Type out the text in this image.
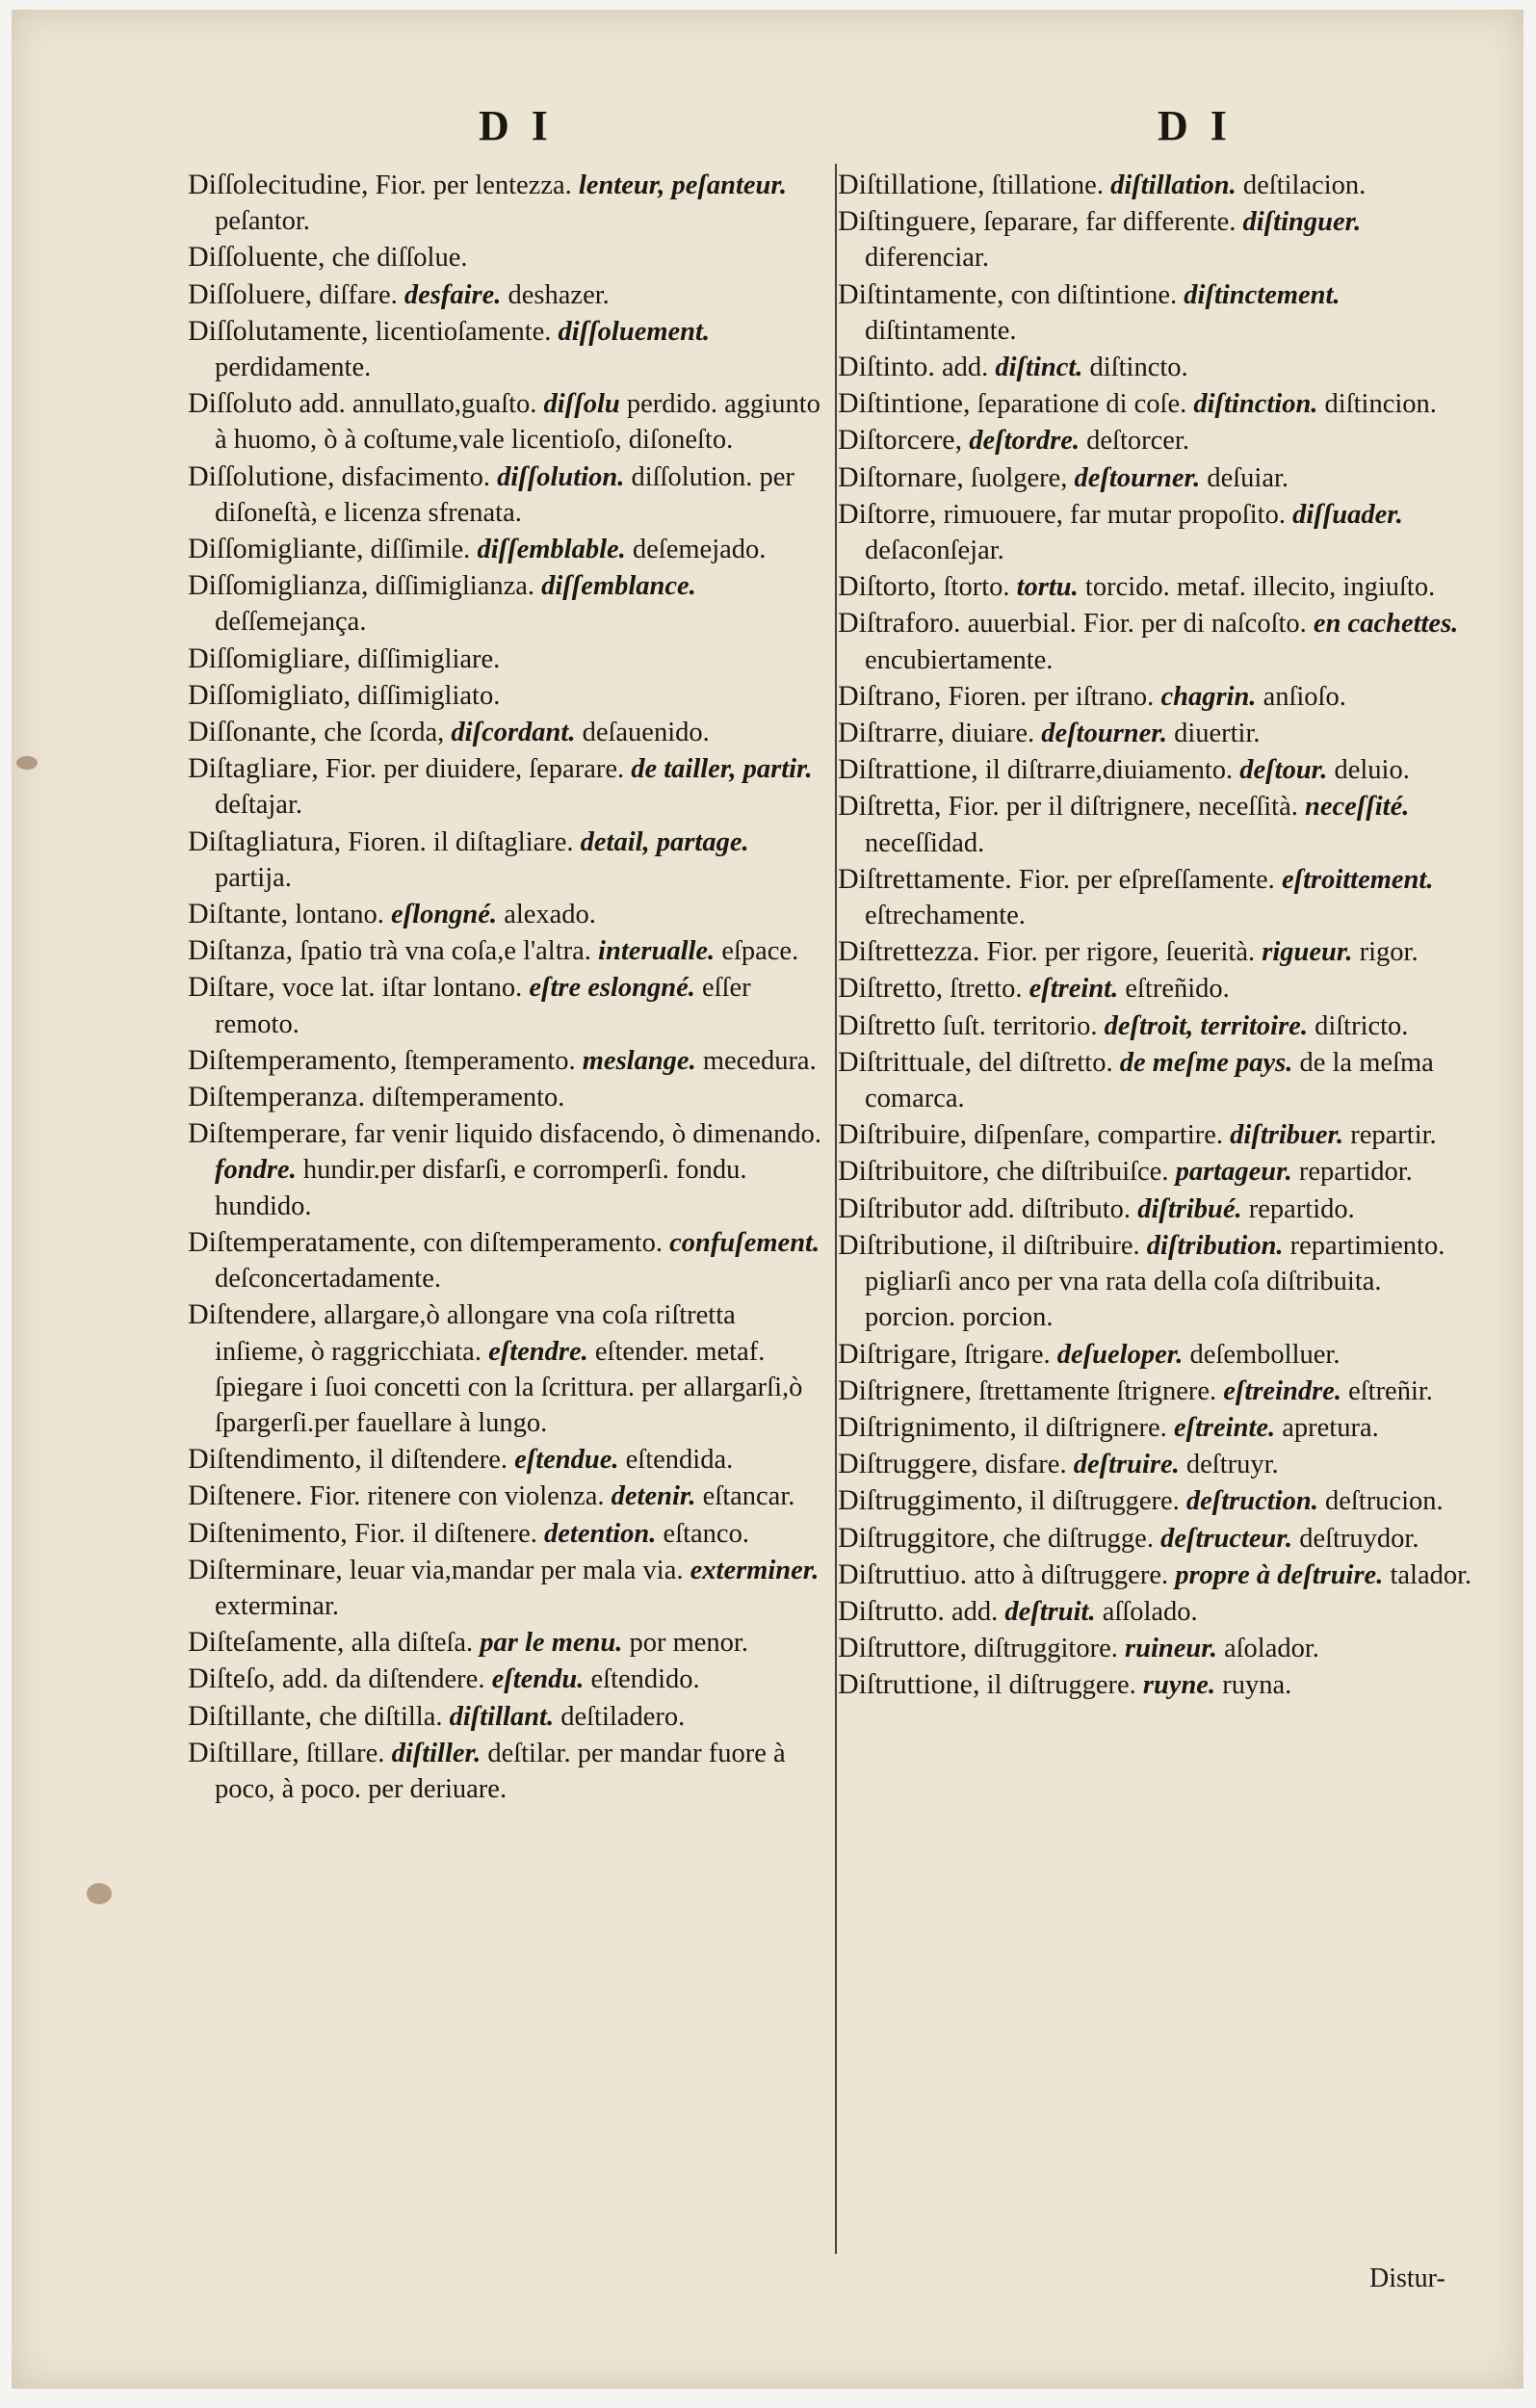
D I	D I

Diſſolecitudine, Fior. per lentezza. lenteur, peſanteur. peſantor.

Diſſoluente, che diſſolue.

Diſſoluere, diſfare. desfaire. deshazer.

Diſſolutamente, licentioſamente. diſſoluement. perdidamente.

Diſſoluto add. annullato,guaſto. diſſolu perdido. aggiunto à huomo, ò à coſtume,vale licentioſo, diſoneſto.

Diſſolutione, disfacimento. diſſolution. diſſolution. per diſoneſtà, e licenza sfrenata.

Diſſomigliante, diſſimile. diſſemblable. deſemejado.

Diſſomiglianza, diſſimiglianza. diſſemblance. deſſemejança.

Diſſomigliare, diſſimigliare.

Diſſomigliato, diſſimigliato.

Diſſonante, che ſcorda, diſcordant. deſauenido.

Diſtagliare, Fior. per diuidere, ſeparare. de tailler, partir. deſtajar.

Diſtagliatura, Fioren. il diſtagliare. detail, partage. partija.

Diſtante, lontano. eſlongné. alexado.

Diſtanza, ſpatio trà vna coſa,e l'altra. interualle. eſpace.

Diſtare, voce lat. iſtar lontano. eſtre eslongné. eſſer remoto.

Diſtemperamento, ſtemperamento. meslange. mecedura.

Diſtemperanza. diſtemperamento.

Diſtemperare, far venir liquido disfacendo, ò dimenando. fondre. hundir.per disfarſi, e corromperſi. fondu. hundido.

Diſtemperatamente, con diſtemperamento. confuſement. deſconcertadamente.

Diſtendere, allargare,ò allongare vna coſa riſtretta inſieme, ò raggricchiata. eſtendre. eſtender. metaf. ſpiegare i ſuoi concetti con la ſcrittura. per allargarſi,ò ſpargerſi.per fauellare à lungo.

Diſtendimento, il diſtendere. eſtendue. eſtendida.

Diſtenere. Fior. ritenere con violenza. detenir. eſtancar.

Diſtenimento, Fior. il diſtenere. detention. eſtanco.

Diſterminare, leuar via,mandar per mala via. exterminer. exterminar.

Diſteſamente, alla diſteſa. par le menu. por menor.

Diſteſo, add. da diſtendere. eſtendu. eſtendido.

Diſtillante, che diſtilla. diſtillant. deſtiladero.

Diſtillare, ſtillare. diſtiller. deſtilar. per mandar fuore à poco, à poco. per deriuare.

Diſtillatione, ſtillatione. diſtillation. deſtilacion.

Diſtinguere, ſeparare, far differente. diſtinguer. diferenciar.

Diſtintamente, con diſtintione. diſtinctement. diſtintamente.

Diſtinto. add. diſtinct. diſtincto.

Diſtintione, ſeparatione di coſe. diſtinction. diſtincion.

Diſtorcere, deſtordre. deſtorcer.

Diſtornare, ſuolgere, deſtourner. deſuiar.

Diſtorre, rimuouere, far mutar propoſito. diſſuader. deſaconſejar.

Diſtorto, ſtorto. tortu. torcido. metaf. illecito, ingiuſto.

Diſtraforo. auuerbial. Fior. per di naſcoſto. en cachettes. encubiertamente.

Diſtrano, Fioren. per iſtrano. chagrin. anſioſo.

Diſtrarre, diuiare. deſtourner. diuertir.

Diſtrattione, il diſtrarre,diuiamento. deſtour. deluio.

Diſtretta, Fior. per il diſtrignere, neceſſità. neceſſité. neceſſidad.

Diſtrettamente. Fior. per eſpreſſamente. eſtroittement. eſtrechamente.

Diſtrettezza. Fior. per rigore, ſeuerità. rigueur. rigor.

Diſtretto, ſtretto. eſtreint. eſtreñido.

Diſtretto ſuſt. territorio. deſtroit, territoire. diſtricto.

Diſtrittuale, del diſtretto. de meſme pays. de la meſma comarca.

Diſtribuire, diſpenſare, compartire. diſtribuer. repartir.

Diſtribuitore, che diſtribuiſce. partageur. repartidor.

Diſtributor add. diſtributo. diſtribué. repartido.

Diſtributione, il diſtribuire. diſtribution. repartimiento. pigliarſi anco per vna rata della coſa diſtribuita. porcion. porcion.

Diſtrigare, ſtrigare. deſueloper. deſembolluer.

Diſtrignere, ſtrettamente ſtrignere. eſtreindre. eſtreñir.

Diſtrignimento, il diſtrignere. eſtreinte. apretura.

Diſtruggere, disfare. deſtruire. deſtruyr.

Diſtruggimento, il diſtruggere. deſtruction. deſtrucion.

Diſtruggitore, che diſtrugge. deſtructeur. deſtruydor.

Diſtruttiuo. atto à diſtruggere. propre à deſtruire. talador.

Diſtrutto. add. deſtruit. aſſolado.

Diſtruttore, diſtruggitore. ruineur. aſolador.

Diſtruttione, il diſtruggere. ruyne. ruyna.

Distur-
